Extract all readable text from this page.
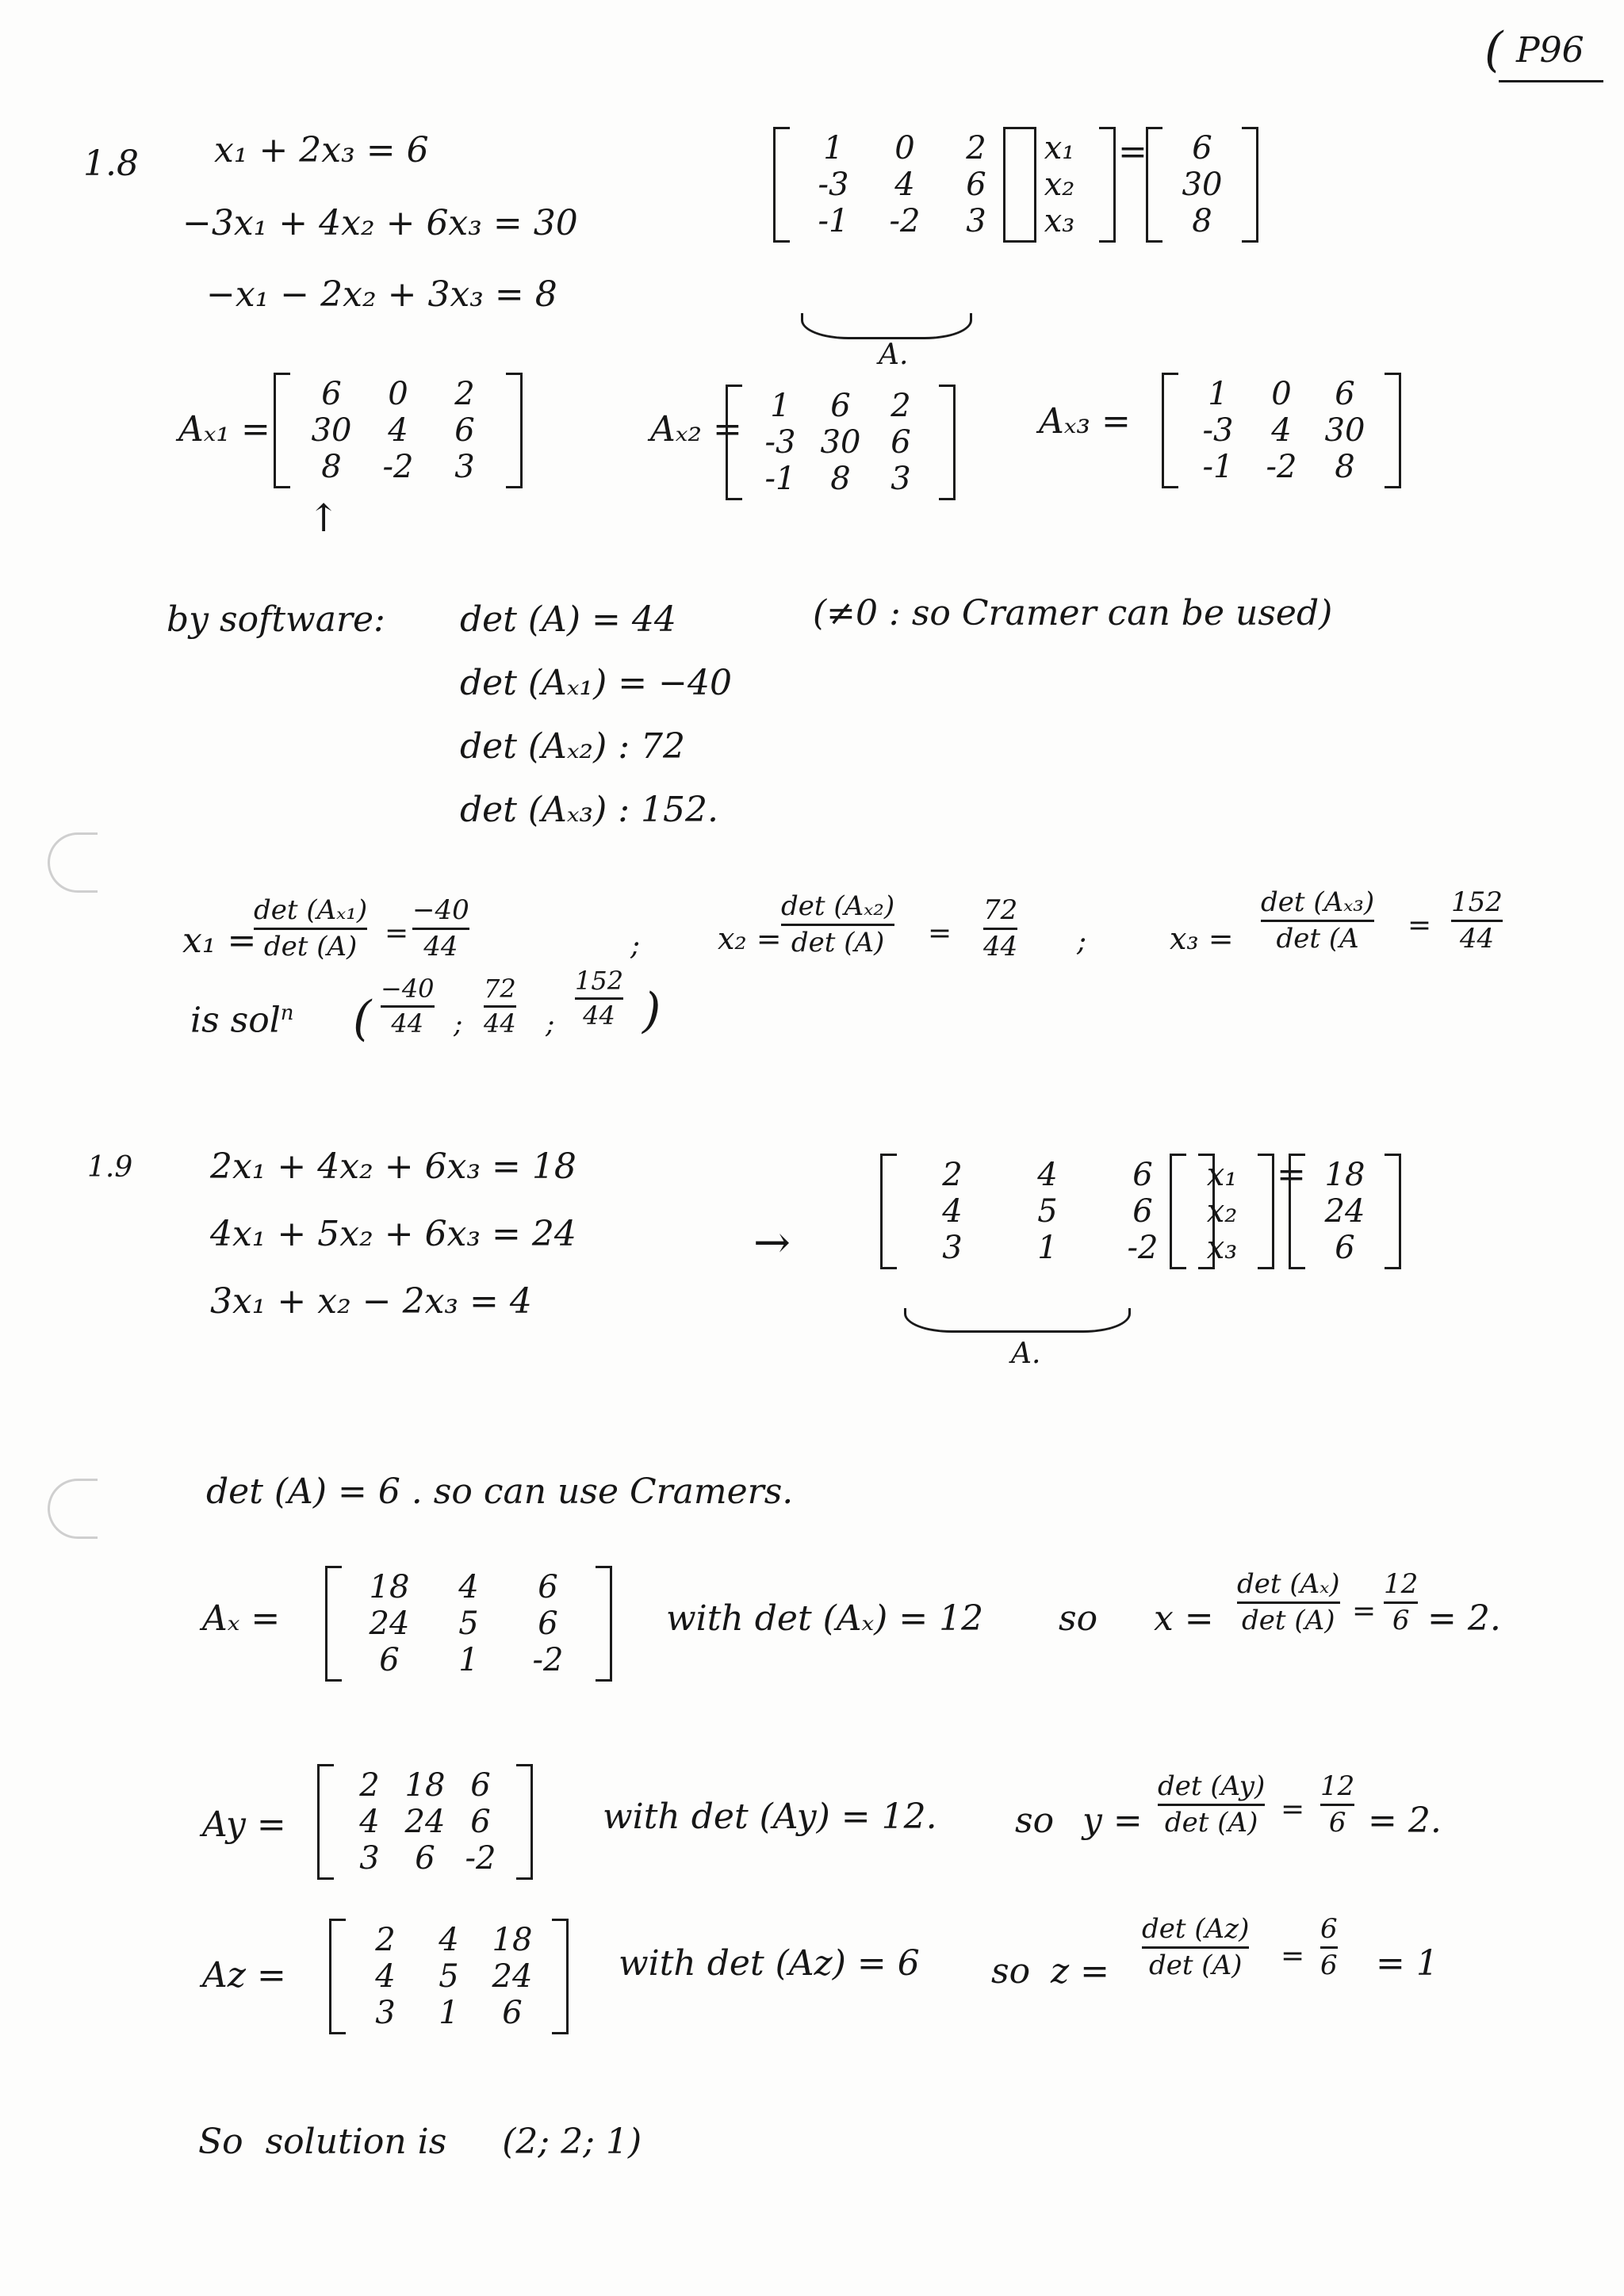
( P96
1.8 x₁ + 2x₃ = 6
−3x₁ + 4x₂ + 6x₃ = 30
−x₁ − 2x₂ + 3x₃ = 8
1 0 2
-3 4 6
-1 -2 3
x₁
x₂
x₃
= 6
30
8
A.
Aₓ₁ =
6 0 2
30 4 6
8 -2 3
↑
Aₓ₂ =
1 6 2
-3 30 6
-1 8 3
Aₓ₃ =
1 0 6
-3 4 30
-1 -2 8
by software: det (A) = 44	(≠0 : so Cramer can be used)
det (Aₓ₁) = −40
det (Aₓ₂) : 72
det (Aₓ₃) : 152.
x₁ =
det (Aₓ₁)
det (A) =
−40
44	;	x₂ =
det (Aₓ₂)
det (A) =
72
44 ;	x₃ =
det (Aₓ₃)
det (A =
152
44
is sol$^n$ (
−40
44 ;
72
44 ;
152
44 )
1.9 2x₁ + 4x₂ + 6x₃ = 18
4x₁ + 5x₂ + 6x₃ = 24
3x₁ + x₂ − 2x₃ = 4
→
2 4 6
4 5 6
3 1 -2
x₁
x₂
x₃
= 18
24
6
A.
det (A) = 6 . so can use Cramers.
Aₓ =
18 4 6
24 5 6
6 1 -2
with det (Aₓ) = 12 so x =
det (Aₓ)
det (A) =
12
6 = 2.
Ay =
2 18 6
4 24 6
3 6 -2
with det (Ay) = 12. so y =
det (Ay)
det (A) =
12
6 = 2.
Az =
2 4 18
4 5 24
3 1 6
with det (Az) = 6 so z =
det (Az)
det (A) =
6
6 = 1
So  solution is     (2; 2; 1)
